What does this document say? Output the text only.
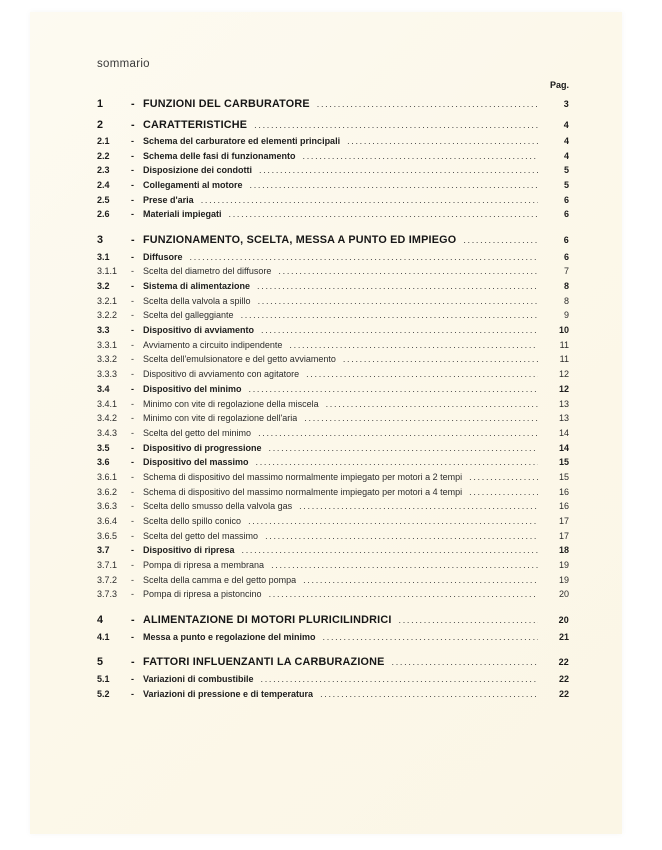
sommario
Pag.
1	- FUNZIONI DEL CARBURATORE .....	3
2	- CARATTERISTICHE .....	4
2.1	-	Schema del carburatore ed elementi principali .....	4
2.2	-	Schema delle fasi di funzionamento .....	4
2.3	-	Disposizione dei condotti .....	5
2.4	-	Collegamenti al motore .....	5
2.5	-	Prese d'aria .....	6
2.6	-	Materiali impiegati .....	6
3	- FUNZIONAMENTO, SCELTA, MESSA A PUNTO ED IMPIEGO .....	6
3.1	-	Diffusore .....	6
3.1.1	-	Scelta del diametro del diffusore .....	7
3.2	-	Sistema di alimentazione .....	8
3.2.1	-	Scelta della valvola a spillo .....	8
3.2.2	-	Scelta del galleggiante .....	9
3.3	-	Dispositivo di avviamento .....	10
3.3.1	-	Avviamento a circuito indipendente .....	11
3.3.2	-	Scelta dell'emulsionatore e del getto avviamento .....	11
3.3.3	-	Dispositivo di avviamento con agitatore .....	12
3.4	-	Dispositivo del minimo .....	12
3.4.1	-	Minimo con vite di regolazione della miscela .....	13
3.4.2	-	Minimo con vite di regolazione dell'aria .....	13
3.4.3	-	Scelta del getto del minimo .....	14
3.5	-	Dispositivo di progressione .....	14
3.6	-	Dispositivo del massimo .....	15
3.6.1	-	Schema di dispositivo del massimo normalmente impiegato per motori a 2 tempi .....	15
3.6.2	-	Schema di dispositivo del massimo normalmente impiegato per motori a 4 tempi .....	16
3.6.3	-	Scelta dello smusso della valvola gas .....	16
3.6.4	-	Scelta dello spillo conico .....	17
3.6.5	-	Scelta del getto del massimo .....	17
3.7	-	Dispositivo di ripresa .....	18
3.7.1	-	Pompa di ripresa a membrana .....	19
3.7.2	-	Scelta della camma e del getto pompa .....	19
3.7.3	-	Pompa di ripresa a pistoncino .....	20
4	- ALIMENTAZIONE DI MOTORI PLURICILINDRICI .....	20
4.1	-	Messa a punto e regolazione del minimo .....	21
5	- FATTORI INFLUENZANTI LA CARBURAZIONE .....	22
5.1	-	Variazioni di combustibile .....	22
5.2	-	Variazioni di pressione e di temperatura .....	22
